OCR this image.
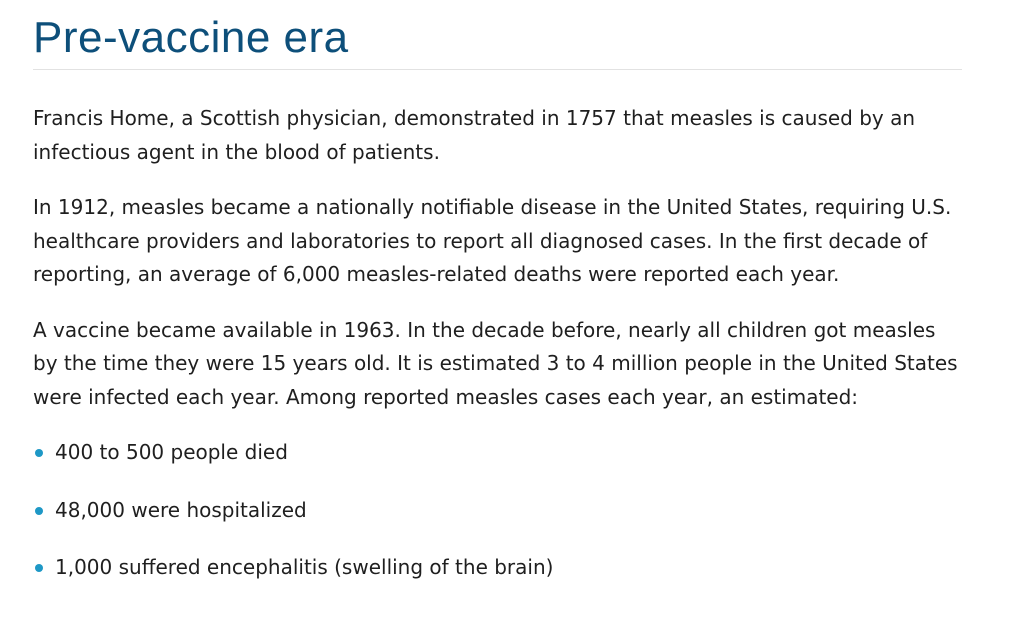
Pre-vaccine era

Francis Home, a Scottish physician, demonstrated in 1757 that measles is caused by an infectious agent in the blood of patients.

In 1912, measles became a nationally notifiable disease in the United States, requiring U.S. healthcare providers and laboratories to report all diagnosed cases. In the first decade of reporting, an average of 6,000 measles-related deaths were reported each year.

A vaccine became available in 1963. In the decade before, nearly all children got measles by the time they were 15 years old. It is estimated 3 to 4 million people in the United States were infected each year. Among reported measles cases each year, an estimated:

400 to 500 people died
48,000 were hospitalized
1,000 suffered encephalitis (swelling of the brain)
